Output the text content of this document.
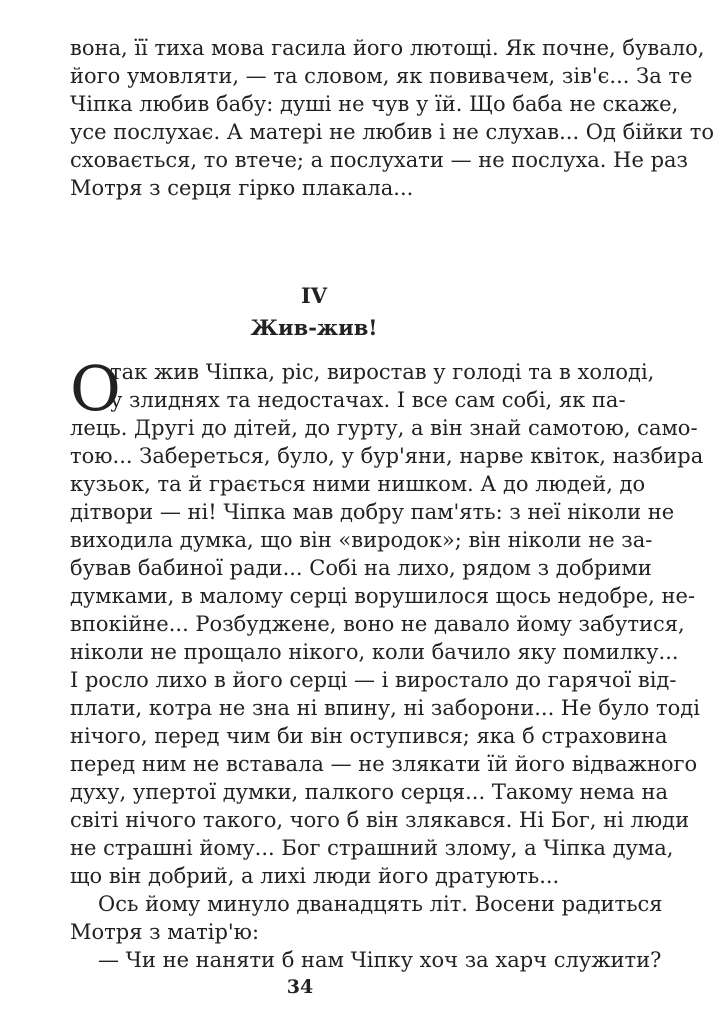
вона, її тиха мова гасила його лютощі. Як почне, бувало,
його умовляти, — та словом, як повивачем, зів'є... За те
Чіпка любив бабу: душі не чув у їй. Що баба не скаже,
усе послухає. А матері не любив і не слухав... Од бійки то
сховається, то втече; а послухати — не послуха. Не раз
Мотря з серця гірко плакала...
IV
Жив-жив!
О
так жив Чіпка, ріс, виростав у голоді та в холоді,
у злиднях та недостачах. І все сам собі, як па-
лець. Другі до дітей, до гурту, а він знай самотою, само-
тою... Забереться, було, у бур'яни, нарве квіток, назбира
кузьок, та й грається ними нишком. А до людей, до
дітвори — ні! Чіпка мав добру пам'ять: з неї ніколи не
виходила думка, що він «виродок»; він ніколи не за-
бував бабиної ради... Собі на лихо, рядом з добрими
думками, в малому серці ворушилося щось недобре, не-
впокійне... Розбуджене, воно не давало йому забутися,
ніколи не прощало нікого, коли бачило яку помилку...
І росло лихо в його серці — і виростало до гарячої від-
плати, котра не зна ні впину, ні заборони... Не було тоді
нічого, перед чим би він оступився; яка б страховина
перед ним не вставала — не злякати їй його відважного
духу, упертої думки, палкого серця... Такому нема на
світі нічого такого, чого б він злякався. Ні Бог, ні люди
не страшні йому... Бог страшний злому, а Чіпка дума,
що він добрий, а лихі люди його дратують...
Ось йому минуло дванадцять літ. Восени радиться
Мотря з матір'ю:
— Чи не наняти б нам Чіпку хоч за харч служити?
34
